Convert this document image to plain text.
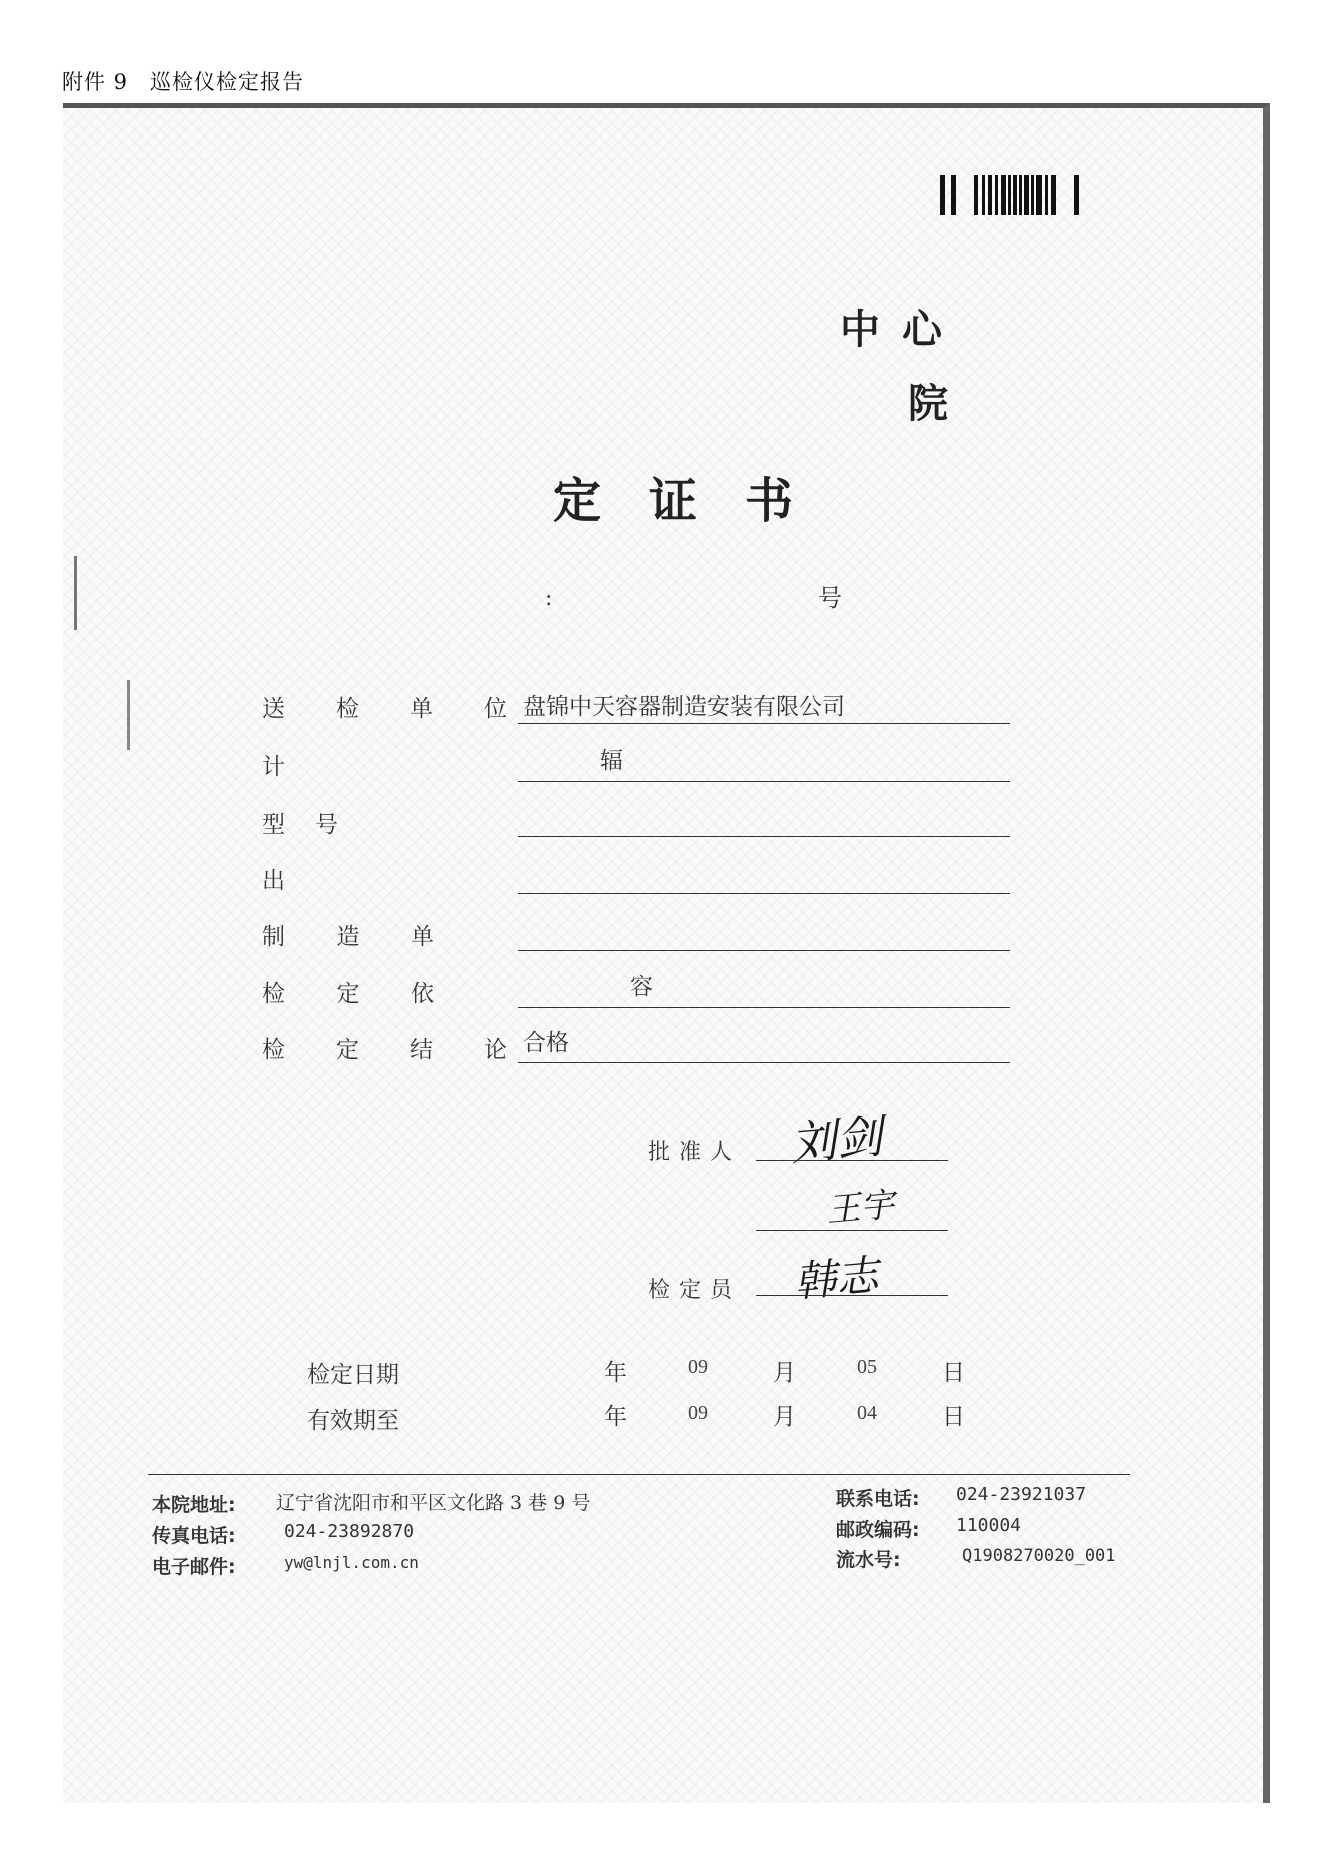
附件 9　巡检仪检定报告
中心
院
定证书
:	号
送 检 单 位 盘锦中天容器制造安装有限公司
计	辐
型 号
出
制 造 单
检 定 依	容
检 定 结 论 合格
批准人 刘剑
王宇
检定员 韩志
检定日期	年	09	月	05	日
有效期至	年	09	月	04	日
本院地址: 辽宁省沈阳市和平区文化路 3 巷 9 号
传真电话:	024-23892870
电子邮件:	yw@lnjl.com.cn
联系电话: 024-23921037
邮政编码: 110004
流水号:	Q1908270020_001
